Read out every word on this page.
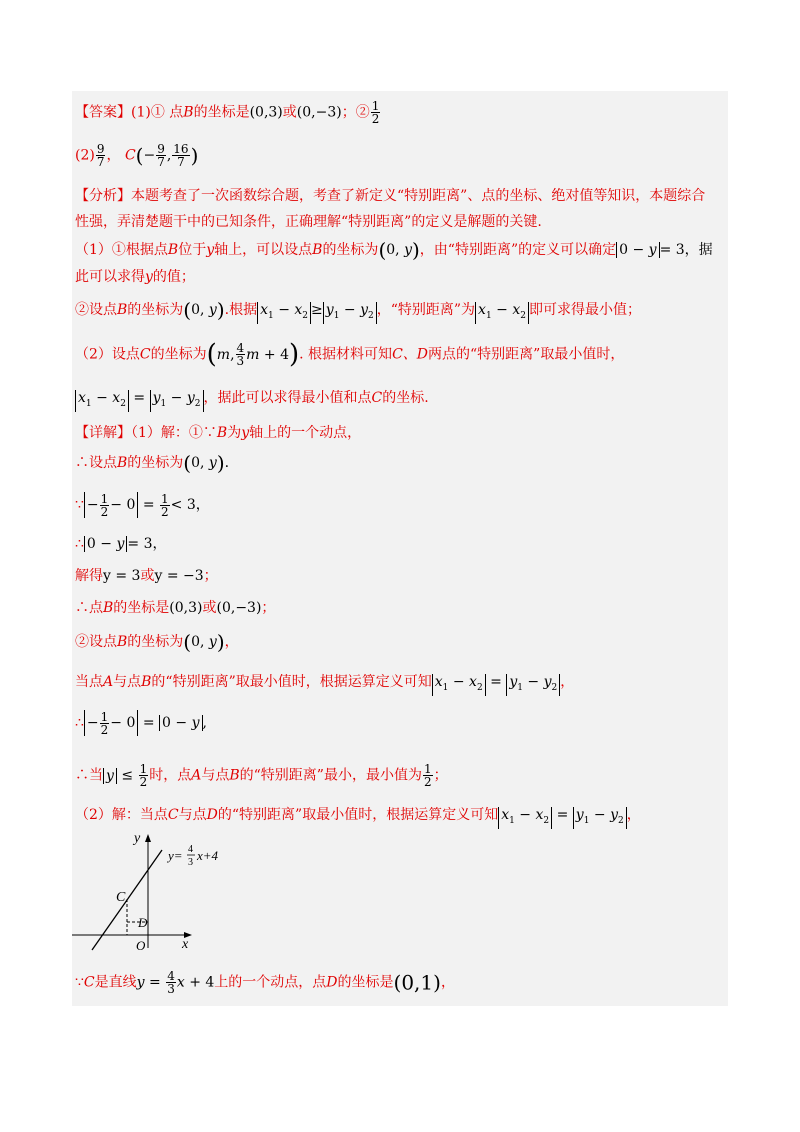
【答案】(1)① 点B的坐标是(0,3)或(0,−3)；② $\frac{1}{2}$
$(2) \frac{9}{7}$ ， $C(- \frac{9}{7}$ , $\frac{16}{7}$ )
【分析】本题考查了一次函数综合题，考查了新定义“特别距离”、点的坐标、绝对值等知识，本题综合
性强，弄清楚题干中的已知条件，正确理解“特别距离”的定义是解题的关键.
（1）①根据点B位于y轴上，可以设点B的坐标为(0, y)，由“特别距离”的定义可以确定 0 − y = 3，据
此可以求得y的值；
②设点B的坐标为(0, y).根据 $x_1 - x_2 \ge y_1 - y_2$ ，“特别距离”为 $x_1 - x_2$ 即可求得最小值；
（2）设点C的坐标为(m, $\frac{4}{3}$ m + 4). 根据材料可知C、D两点的“特别距离”取最小值时，
$x_1 - x_2 = y_1 - y_2$ ，据此可以求得最小值和点C的坐标.
【详解】（1）解：①∵B为y轴上的一个动点，
∴设点B的坐标为(0, y).
∵ − $\frac{1}{2} - 0 = \frac{1}{2} < 3$，
∴ 0 − y = 3，
解得y = 3或y = −3；
∴点B的坐标是(0,3)或(0,−3)；
②设点B的坐标为(0, y)，
当点A与点B的“特别距离”取最小值时，根据运算定义可知 $x_1 - x_2 = y_1 - y_2$ ，
∴ − $\frac{1}{2} - 0 = 0 - y$ ,
∴当 $y \le \frac{1}{2}$ 时，点A与点B的“特别距离”最小，最小值为 $\frac{1}{2}$ ；
（2）解：当点C与点D的“特别距离”取最小值时，根据运算定义可知 $x_1 - x_2 = y_1 - y_2$ ，
y
x
O
C
D
y= 4
3 x+4
∵C是直线$y = \frac{4}{3}$ x + 4上的一个动点，点D的坐标是(0,1)，
